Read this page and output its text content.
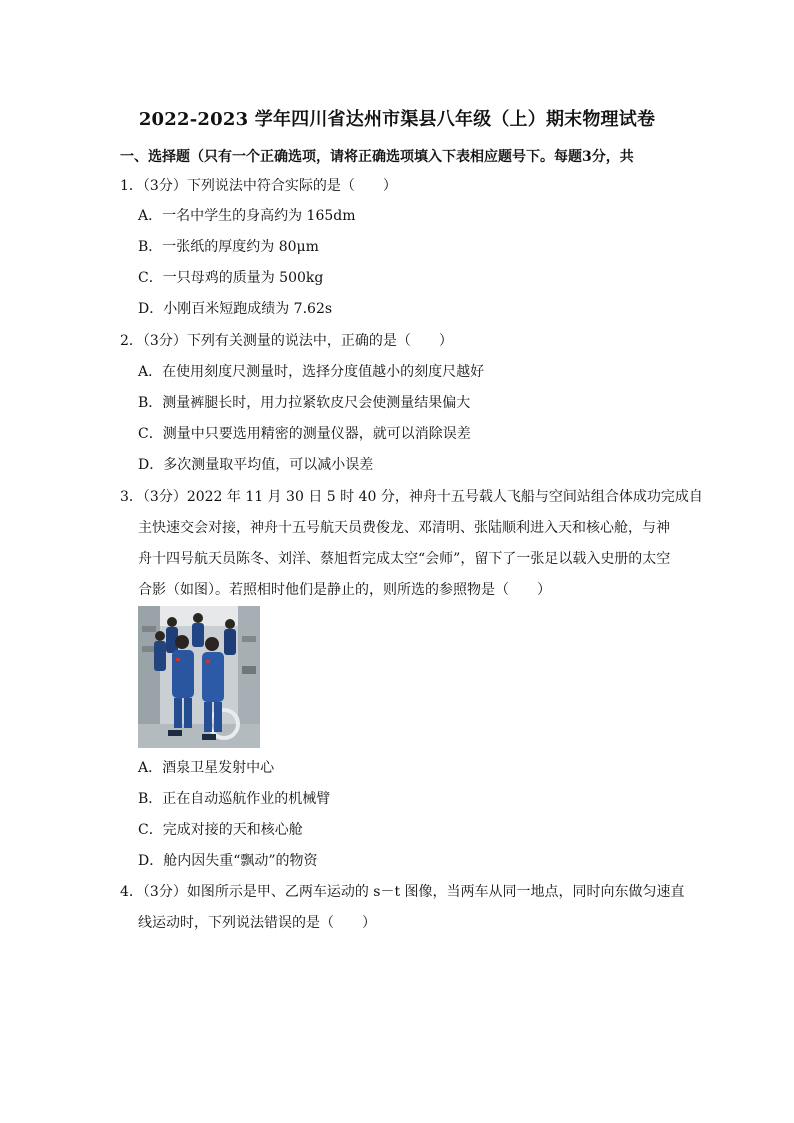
2022-2023 学年四川省达州市渠县八年级（上）期末物理试卷
一、选择题（只有一个正确选项，请将正确选项填入下表相应题号下。每题3分，共
1．（3分）下列说法中符合实际的是（　　）
A．一名中学生的身高约为 165dm
B．一张纸的厚度约为 80μm
C．一只母鸡的质量为 500kg
D．小刚百米短跑成绩为 7.62s
2．（3分）下列有关测量的说法中，正确的是（　　）
A．在使用刻度尺测量时，选择分度值越小的刻度尺越好
B．测量裤腿长时，用力拉紧软皮尺会使测量结果偏大
C．测量中只要选用精密的测量仪器，就可以消除误差
D．多次测量取平均值，可以减小误差
3．（3分）2022 年 11 月 30 日 5 时 40 分，神舟十五号载人飞船与空间站组合体成功完成自
主快速交会对接，神舟十五号航天员费俊龙、邓清明、张陆顺利进入天和核心舱，与神
舟十四号航天员陈冬、刘洋、蔡旭哲完成太空“会师”，留下了一张足以载入史册的太空
合影（如图）。若照相时他们是静止的，则所选的参照物是（　　）
A．酒泉卫星发射中心
B．正在自动巡航作业的机械臂
C．完成对接的天和核心舱
D．舱内因失重“飘动”的物资
4．（3分）如图所示是甲、乙两车运动的 s－t 图像，当两车从同一地点，同时向东做匀速直
线运动时，下列说法错误的是（　　）
